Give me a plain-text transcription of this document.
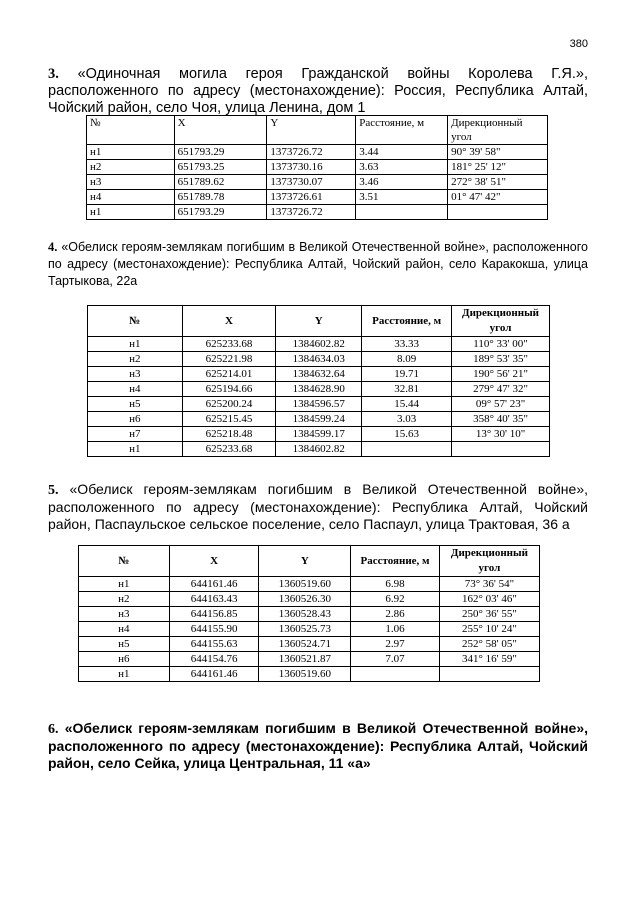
380

3. «Одиночная могила героя Гражданской войны Королева Г.Я.», расположенного по адресу (местонахождение): Россия, Республика Алтай, Чойский район, село Чоя, улица Ленина, дом 1

№	X	Y	Расстояние, м	Дирекционный угол
н1	651793.29	1373726.72	3.44	90° 39' 58"
н2	651793.25	1373730.16	3.63	181° 25' 12"
н3	651789.62	1373730.07	3.46	272° 38' 51"
н4	651789.78	1373726.61	3.51	01° 47' 42"
н1	651793.29	1373726.72		

4. «Обелиск героям-землякам погибшим в Великой Отечественной войне», расположенного по адресу (местонахождение): Республика Алтай, Чойский район, село Каракокша, улица Тартыкова, 22а

№	X	Y	Расстояние, м	Дирекционный угол
н1	625233.68	1384602.82	33.33	110° 33' 00"
н2	625221.98	1384634.03	8.09	189° 53' 35"
н3	625214.01	1384632.64	19.71	190° 56' 21"
н4	625194.66	1384628.90	32.81	279° 47' 32"
н5	625200.24	1384596.57	15.44	09° 57' 23"
н6	625215.45	1384599.24	3.03	358° 40' 35"
н7	625218.48	1384599.17	15.63	13° 30' 10"
н1	625233.68	1384602.82		

5. «Обелиск героям-землякам погибшим в Великой Отечественной войне», расположенного по адресу (местонахождение): Республика Алтай, Чойский район, Паспаульское сельское поселение, село Паспаул, улица Трактовая, 36 а

№	X	Y	Расстояние, м	Дирекционный угол
н1	644161.46	1360519.60	6.98	73° 36' 54"
н2	644163.43	1360526.30	6.92	162° 03' 46"
н3	644156.85	1360528.43	2.86	250° 36' 55"
н4	644155.90	1360525.73	1.06	255° 10' 24"
н5	644155.63	1360524.71	2.97	252° 58' 05"
н6	644154.76	1360521.87	7.07	341° 16' 59"
н1	644161.46	1360519.60		

6. «Обелиск героям-землякам погибшим в Великой Отечественной войне», расположенного по адресу (местонахождение): Республика Алтай, Чойский район, село Сейка, улица Центральная, 11 «а»
